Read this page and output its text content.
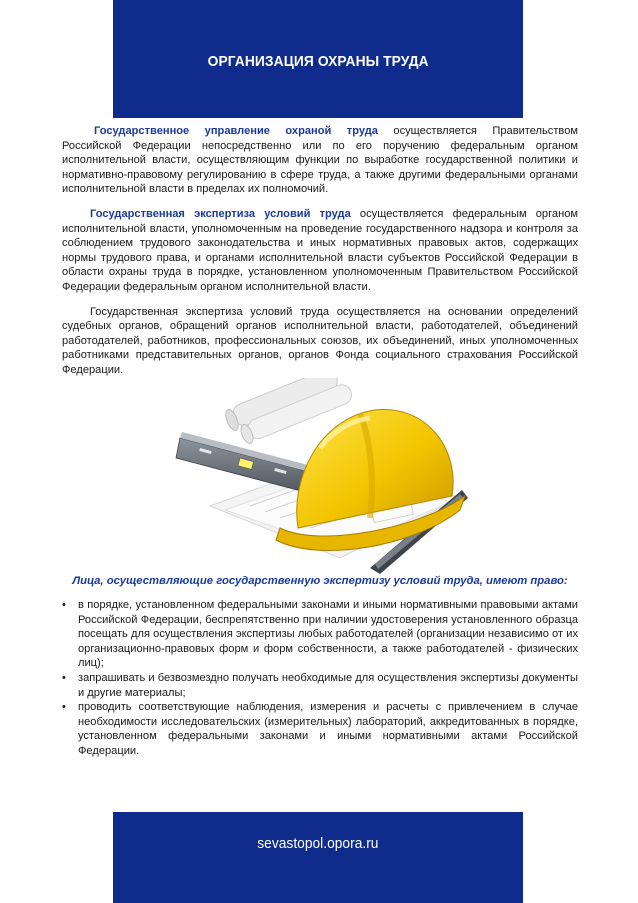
ОРГАНИЗАЦИЯ ОХРАНЫ ТРУДА

Государственное управление охраной труда осуществляется Правительством Российской Федерации непосредственно или по его поручению федеральным органом исполнительной власти, осуществляющим функции по выработке государственной политики и нормативно-правовому регулированию в сфере труда, а также другими федеральными органами исполнительной власти в пределах их полномочий.

Государственная экспертиза условий труда осуществляется федеральным органом исполнительной власти, уполномоченным на проведение государственного надзора и контроля за соблюдением трудового законодательства и иных нормативных правовых актов, содержащих нормы трудового права, и органами исполнительной власти субъектов Российской Федерации в области охраны труда в порядке, установленном уполномоченным Правительством Российской Федерации федеральным органом исполнительной власти.

Государственная экспертиза условий труда осуществляется на основании определений судебных органов, обращений органов исполнительной власти, работодателей, объединений работодателей, работников, профессиональных союзов, их объединений, иных уполномоченных работниками представительных органов, органов Фонда социального страхования Российской Федерации.

Лица, осуществляющие государственную экспертизу условий труда, имеют право:
• в порядке, установленном федеральными законами и иными нормативными правовыми актами Российской Федерации, беспрепятственно при наличии удостоверения установленного образца посещать для осуществления экспертизы любых работодателей (организации независимо от их организационно-правовых форм и форм собственности, а также работодателей - физических лиц);
• запрашивать и безвозмездно получать необходимые для осуществления экспертизы документы и другие материалы;
• проводить соответствующие наблюдения, измерения и расчеты с привлечением в случае необходимости исследовательских (измерительных) лабораторий, аккредитованных в порядке, установленном федеральными законами и иными нормативными актами Российской Федерации.
sevastopol.opora.ru
